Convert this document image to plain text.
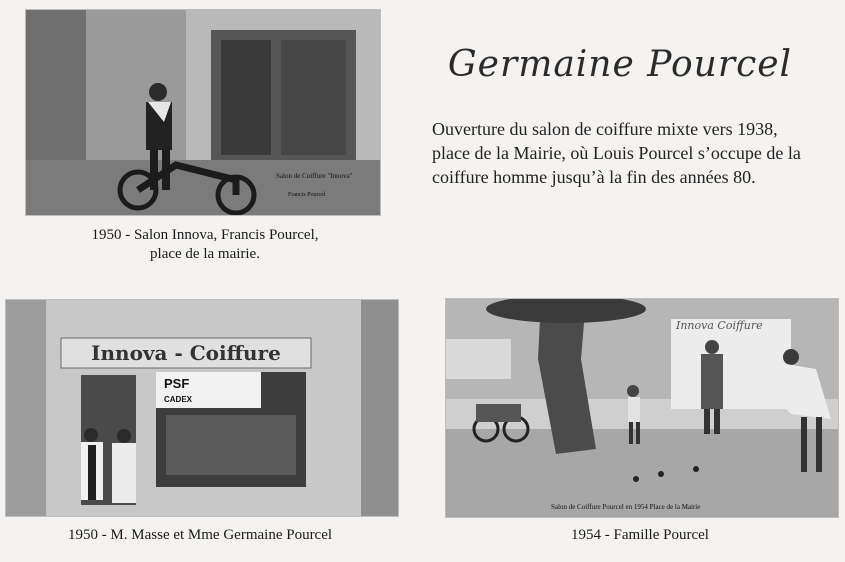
Salon de Coiffure "Innova"
Francis Pourcel
1950 - Salon Innova, Francis Pourcel,
place de la mairie.
Germaine Pourcel
Ouverture du salon de coiffure mixte vers 1938,
place de la Mairie, où Louis Pourcel s’occupe de la
coiffure homme jusqu’à la fin des années 80.
Innova - Coiffure
PSF
CADEX
1950 - M. Masse et Mme Germaine Pourcel
Innova Coiffure
Salon de Coiffure Pourcel en 1954 Place de la Mairie
1954 - Famille Pourcel
